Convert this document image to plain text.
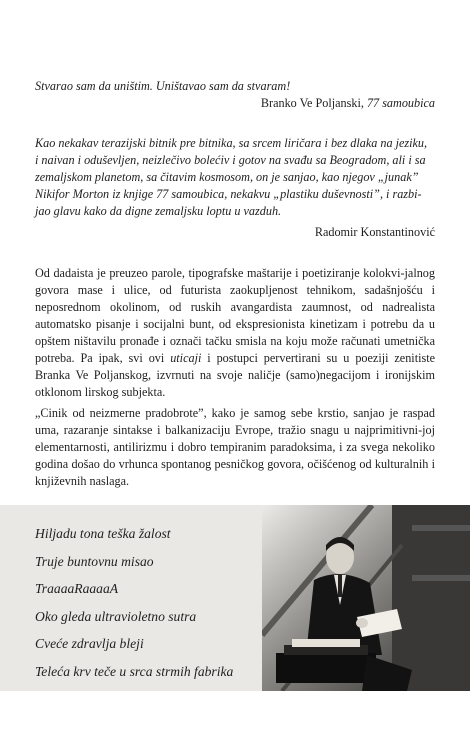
Stvarao sam da uništim. Uništavao sam da stvaram!
Branko Ve Poljanski, 77 samoubica
Kao nekakav terazijski bitnik pre bitnika, sa srcem liričara i bez dlaka na jeziku,
i naivan i oduševljen, neizlečivo bolećiv i gotov na svađu sa Beogradom, ali i sa
zemaljskom planetom, sa čitavim kosmosom, on je sanjao, kao njegov „junak”
Nikifor Morton iz knjige 77 samoubica, nekakvu „plastiku duševnosti”, i razbi-
jao glavu kako da digne zemaljsku loptu u vazduh.
Radomir Konstantinović

Od dadaista je preuzeo parole, tipografske maštarije i poetiziranje kolokvi-jalnog govora mase i ulice, od futurista zaokupljenost tehnikom, sadašnjošću i neposrednom okolinom, od ruskih avangardista zaumnost, od nadrealista automatsko pisanje i socijalni bunt, od ekspresionista kinetizam i potrebu da u opštem ništavilu pronađe i označi tačku smisla na koju može računati umetnička potreba. Pa ipak, svi ovi uticaji i postupci pervertirani su u poeziji zenitiste Branka Ve Poljanskog, izvrnuti na svoje naličje (samo)negacijom i ironijskim otklonom lirskog subjekta.

„Cinik od neizmerne pradobrote”, kako je samog sebe krstio, sanjao je raspad uma, razaranje sintakse i balkanizaciju Evrope, tražio snagu u najprimitivni-joj elementarnosti, antilirizmu i dobro tempiranim paradoksima, i za svega nekoliko godina došao do vrhunca spontanog pesničkog govora, očišćenog od kulturalnih i književnih naslaga.

Hiljadu tona teška žalost
Truje buntovnu misao
TraaaaRaaaaA
Oko gleda ultravioletno sutra
Cveće zdravlja bleji
Teleća krv teče u srca strmih fabrika
